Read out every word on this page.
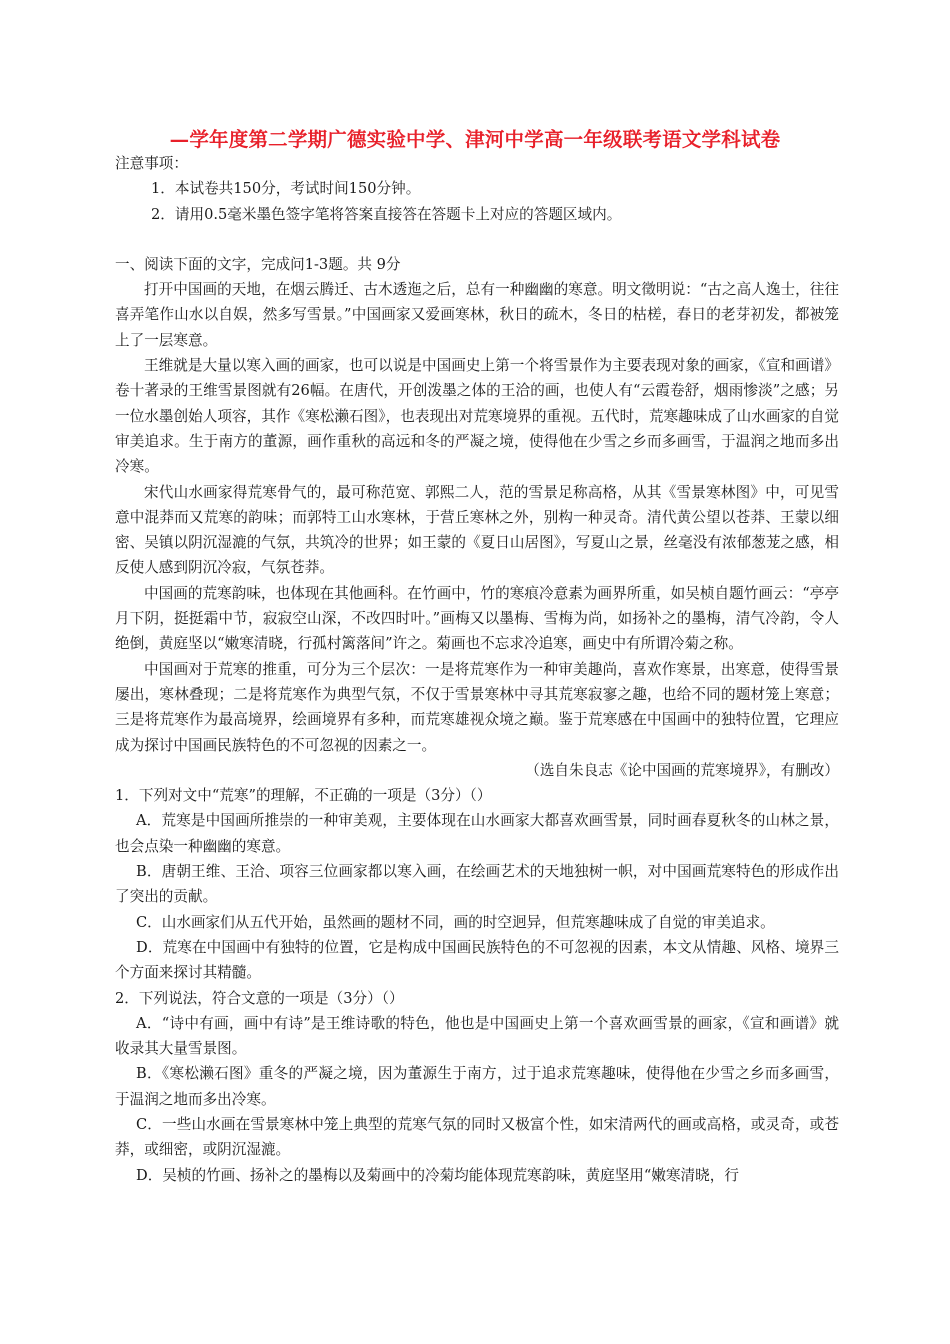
—学年度第二学期广德实验中学、津河中学高一年级联考语文学科试卷

注意事项：

1．本试卷共150分，考试时间150分钟。

2．请用0.5毫米墨色签字笔将答案直接答在答题卡上对应的答题区域内。

一、阅读下面的文字，完成问1-3题。共 9分

打开中国画的天地，在烟云腾迁、古木透迤之后，总有一种幽幽的寒意。明文徵明说：“古之高人逸士，往往喜弄笔作山水以自娱，然多写雪景。”中国画家又爱画寒林，秋日的疏木，冬日的枯槎，春日的老芽初发，都被笼上了一层寒意。

王维就是大量以寒入画的画家，也可以说是中国画史上第一个将雪景作为主要表现对象的画家，《宣和画谱》卷十著录的王维雪景图就有26幅。在唐代，开创泼墨之体的王洽的画，也使人有“云霞卷舒，烟雨惨淡”之感；另一位水墨创始人项容，其作《寒松濑石图》，也表现出对荒寒境界的重视。五代时，荒寒趣味成了山水画家的自觉审美追求。生于南方的董源，画作重秋的高远和冬的严凝之境，使得他在少雪之乡而多画雪，于温润之地而多出冷寒。

宋代山水画家得荒寒骨气的，最可称范宽、郭熙二人，范的雪景足称高格，从其《雪景寒林图》中，可见雪意中混莽而又荒寒的韵味；而郭特工山水寒林，于营丘寒林之外，别构一种灵奇。清代黄公望以苍莽、王蒙以细密、吴镇以阴沉湿漉的气氛，共筑冷的世界；如王蒙的《夏日山居图》，写夏山之景，丝毫没有浓郁葱茏之感，相反使人感到阴沉冷寂，气氛苍莽。

中国画的荒寒韵味，也体现在其他画科。在竹画中，竹的寒痕冷意素为画界所重，如吴桢自题竹画云：“亭亭月下阴，挺挺霜中节，寂寂空山深，不改四时叶。”画梅又以墨梅、雪梅为尚，如扬补之的墨梅，清气冷韵，令人绝倒，黄庭坚以“嫩寒清晓，行孤村篱落间”许之。菊画也不忘求冷追寒，画史中有所谓冷菊之称。

中国画对于荒寒的推重，可分为三个层次：一是将荒寒作为一种审美趣尚，喜欢作寒景，出寒意，使得雪景屡出，寒林叠现；二是将荒寒作为典型气氛，不仅于雪景寒林中寻其荒寒寂寥之趣，也给不同的题材笼上寒意；三是将荒寒作为最高境界，绘画境界有多种，而荒寒雄视众境之巅。鉴于荒寒感在中国画中的独特位置，它理应成为探讨中国画民族特色的不可忽视的因素之一。

（选自朱良志《论中国画的荒寒境界》，有删改）

1．下列对文中“荒寒”的理解，不正确的一项是（3分）（）

A．荒寒是中国画所推崇的一种审美观，主要体现在山水画家大都喜欢画雪景，同时画春夏秋冬的山林之景，也会点染一种幽幽的寒意。

B．唐朝王维、王洽、项容三位画家都以寒入画，在绘画艺术的天地独树一帜，对中国画荒寒特色的形成作出了突出的贡献。

C．山水画家们从五代开始，虽然画的题材不同，画的时空迥异，但荒寒趣味成了自觉的审美追求。

D．荒寒在中国画中有独特的位置，它是构成中国画民族特色的不可忽视的因素，本文从情趣、风格、境界三个方面来探讨其精髓。

2．下列说法，符合文意的一项是（3分）（）

A．“诗中有画，画中有诗”是王维诗歌的特色，他也是中国画史上第一个喜欢画雪景的画家，《宣和画谱》就收录其大量雪景图。

B．《寒松濑石图》重冬的严凝之境，因为董源生于南方，过于追求荒寒趣味，使得他在少雪之乡而多画雪，于温润之地而多出冷寒。

C．一些山水画在雪景寒林中笼上典型的荒寒气氛的同时又极富个性，如宋清两代的画或高格，或灵奇，或苍莽，或细密，或阴沉湿漉。

D．吴桢的竹画、扬补之的墨梅以及菊画中的冷菊均能体现荒寒韵味，黄庭坚用“嫩寒清晓，行
